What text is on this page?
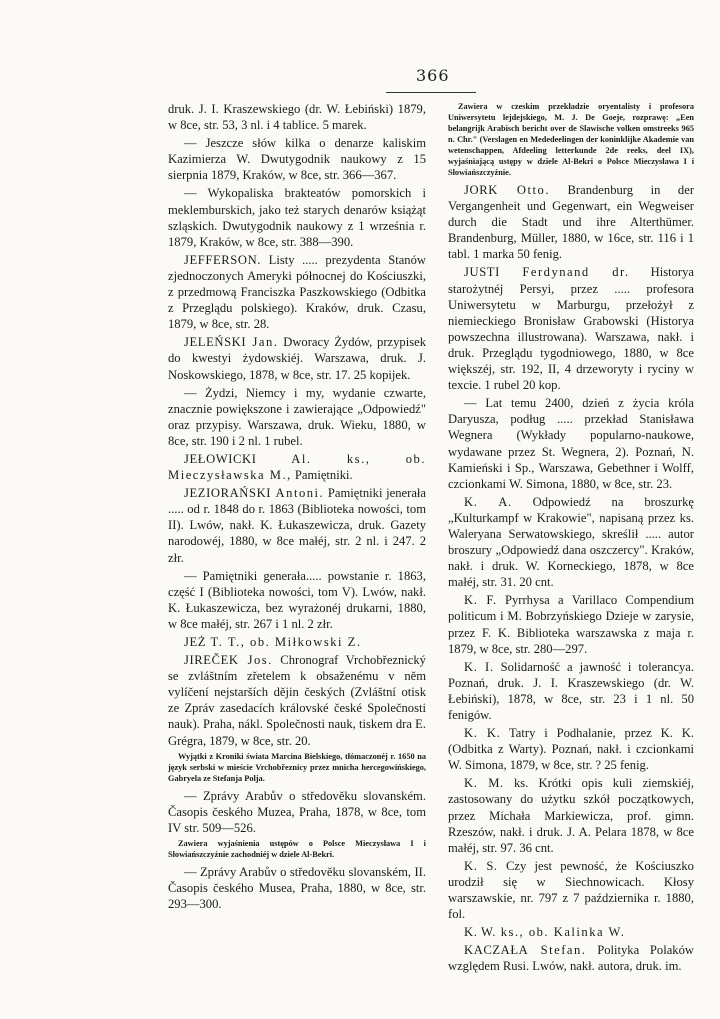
366

druk. J. I. Kraszewskiego (dr. W. Łebiński) 1879, w 8ce, str. 53, 3 nl. i 4 tablice. 5 marek.

— Jeszcze słów kilka o denarze kaliskim Kazimierza W. Dwutygodnik naukowy z 15 sierpnia 1879, Kraków, w 8ce, str. 366—367.

— Wykopaliska brakteatów pomorskich i meklemburskich, jako też starych denarów książąt szląskich. Dwutygodnik naukowy z 1 września r. 1879, Kraków, w 8ce, str. 388—390.

JEFFERSON. Listy ..... prezydenta Stanów zjednoczonych Ameryki północnej do Kościuszki, z przedmową Franciszka Paszkowskiego (Odbitka z Przeglądu polskiego). Kraków, druk. Czasu, 1879, w 8ce, str. 28.

JELEŃSKI Jan. Dworacy Żydów, przypisek do kwestyi żydowskiéj. Warszawa, druk. J. Noskowskiego, 1878, w 8ce, str. 17. 25 kopijek.

— Żydzi, Niemcy i my, wydanie czwarte, znacznie powiększone i zawierające „Odpowiedź" oraz przypisy. Warszawa, druk. Wieku, 1880, w 8ce, str. 190 i 2 nl. 1 rubel.

JEŁOWICKI Al. ks., ob. Mieczysławska M., Pamiętniki.

JEZIORAŃSKI Antoni. Pamiętniki jenerała ..... od r. 1848 do r. 1863 (Biblioteka nowości, tom II). Lwów, nakł. K. Łukaszewicza, druk. Gazety narodowéj, 1880, w 8ce małéj, str. 2 nl. i 247. 2 złr.

— Pamiętniki generała..... powstanie r. 1863, część I (Biblioteka nowości, tom V). Lwów, nakł. K. Łukaszewicza, bez wyrażonéj drukarni, 1880, w 8ce małéj, str. 267 i 1 nl. 2 złr.

JEŻ T. T., ob. Miłkowski Z.

JIREČEK Jos. Chronograf Vrchobřeznický se zvláštním zřetelem k obsaženému v něm vylíčení nejstarších dějin českých (Zvláštní otisk ze Zpráv zasedacích královské české Společnosti nauk). Praha, nákl. Společnosti nauk, tiskem dra E. Grégra, 1879, w 8ce, str. 20.

Wyjątki z Kroniki świata Marcina Bielskiego, tłómaczonéj r. 1650 na język serbski w mieście Vrchobřeznicy przez mnicha hercegowińskiego, Gabryela ze Stefanja Polja.

— Zprávy Arabův o středověku slovanském. Časopis českého Muzea, Praha, 1878, w 8ce, tom IV str. 509—526.

Zawiera wyjaśnienia ustępów o Polsce Mieczysława I i Słowiańszczyźnie zachodniéj w dziele Al-Bekri.

— Zprávy Arabův o středověku slovanském, II. Časopis českého Musea, Praha, 1880, w 8ce, str. 293—300.

Zawiera w czeskim przekładzie oryentalisty i profesora Uniwersytetu lejdejskiego, M. J. De Goeje, rozprawę: „Een belangrijk Arabisch bericht over de Slawische volken omstreeks 965 n. Chr." (Verslagen en Mededeelingen der koninklijke Akademie van wetenschappen, Afdeeling letterkunde 2de reeks, deel IX), wyjaśniającą ustępy w dziele Al-Bekri o Polsce Mieczysława I i Słowiańszczyźnie.

JORK Otto. Brandenburg in der Vergangenheit und Gegenwart, ein Wegweiser durch die Stadt und ihre Alterthümer. Brandenburg, Müller, 1880, w 16ce, str. 116 i 1 tabl. 1 marka 50 fenig.

JUSTI Ferdynand dr. Historya starożytnéj Persyi, przez ..... profesora Uniwersytetu w Marburgu, przełożył z niemieckiego Bronisław Grabowski (Historya powszechna illustrowana). Warszawa, nakł. i druk. Przeglądu tygodniowego, 1880, w 8ce większéj, str. 192, II, 4 drzeworyty i ryciny w texcie. 1 rubel 20 kop.

— Lat temu 2400, dzień z życia króla Daryusza, podług ..... przekład Stanisława Wegnera (Wykłady popularno-naukowe, wydawane przez St. Wegnera, 2). Poznań, N. Kamieński i Sp., Warszawa, Gebethner i Wolff, czcionkami W. Simona, 1880, w 8ce, str. 23.

K. A. Odpowiedź na broszurkę „Kulturkampf w Krakowie", napisaną przez ks. Waleryana Serwatowskiego, skreślił ..... autor broszury „Odpowiedź dana oszczercy". Kraków, nakł. i druk. W. Korneckiego, 1878, w 8ce małéj, str. 31. 20 cnt.

K. F. Pyrrhysa a Varillaco Compendium politicum i M. Bobrzyńskiego Dzieje w zarysie, przez F. K. Biblioteka warszawska z maja r. 1879, w 8ce, str. 280—297.

K. I. Solidarność a jawność i tolerancya. Poznań, druk. J. I. Kraszewskiego (dr. W. Łebiński), 1878, w 8ce, str. 23 i 1 nl. 50 fenigów.

K. K. Tatry i Podhalanie, przez K. K. (Odbitka z Warty). Poznań, nakł. i czcionkami W. Simona, 1879, w 8ce, str. ? 25 fenig.

K. M. ks. Krótki opis kuli ziemskiéj, zastosowany do użytku szkół początkowych, przez Michała Markiewicza, prof. gimn. Rzeszów, nakł. i druk. J. A. Pelara 1878, w 8ce małéj, str. 97. 36 cnt.

K. S. Czy jest pewność, że Kościuszko urodził się w Siechnowicach. Kłosy warszawskie, nr. 797 z 7 października r. 1880, fol.

K. W. ks., ob. Kalinka W.

KACZAŁA Stefan. Polityka Polaków względem Rusi. Lwów, nakł. autora, druk. im.
